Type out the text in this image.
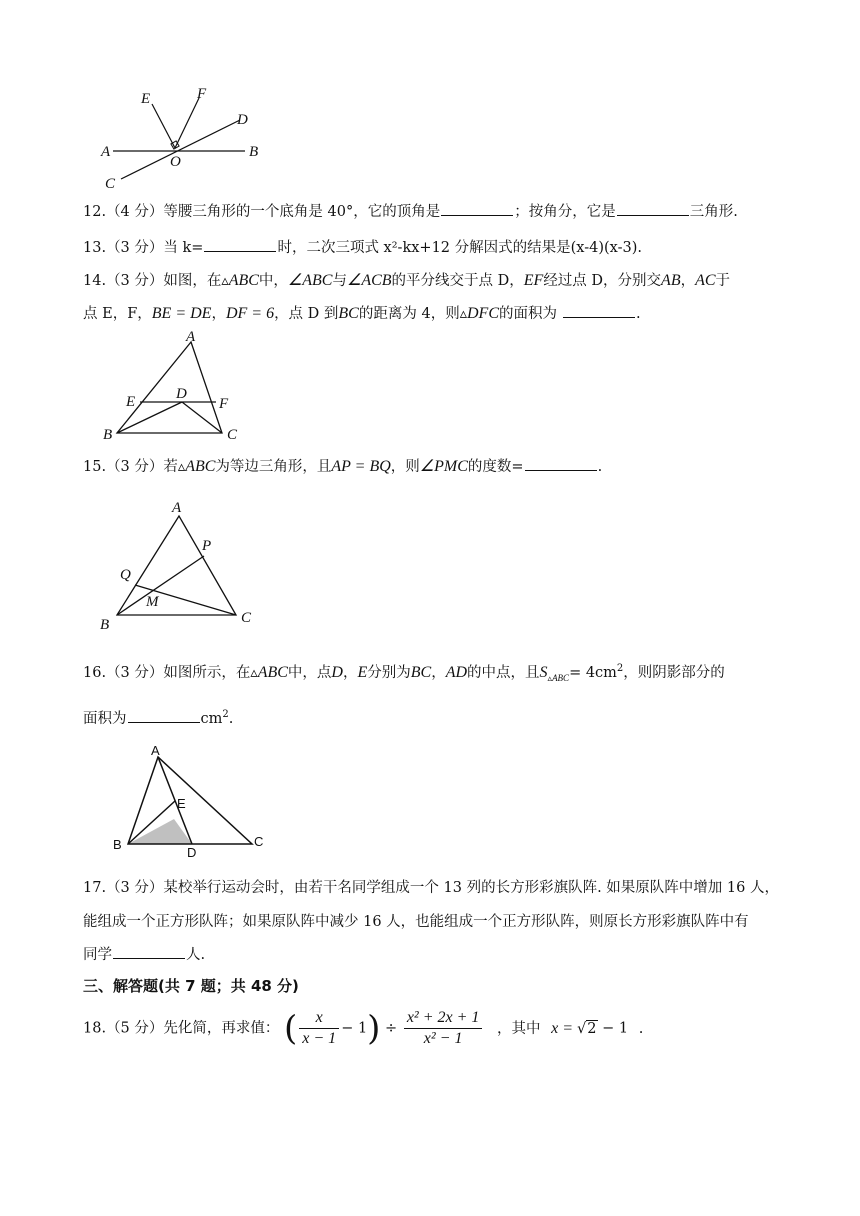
E	F
D
A	B
O
C
12.（4 分）等腰三角形的一个底角是 40°，它的顶角是	；按角分，它是	三角形.
13.（3 分）当 k=	时，二次三项式 x²-kx+12 分解因式的结果是(x-4)(x-3).
14.（3 分）如图，在▵ABC中，∠ABC与∠ACB的平分线交于点 D，EF经过点 D，分别交AB，AC于
点 E，F，BE = DE，DF = 6，点 D 到BC的距离为 4，则▵DFC的面积为	.
A
E	D
F
B	C
15.（3 分）若▵ABC为等边三角形，且AP = BQ，则∠PMC的度数=	.
A
P
Q
M
B	C
16.（3 分）如图所示，在▵ABC中，点D，E分别为BC，AD的中点，且$S_{▵ABC}= 4cm^2$，则阴影部分的
面积为	$cm^2$.
A
E
B
D
C
17.（3 分）某校举行运动会时，由若干名同学组成一个 13 列的长方形彩旗队阵. 如果原队阵中增加 16 人，
能组成一个正方形队阵；如果原队阵中减少 16 人，也能组成一个正方形队阵，则原长方形彩旗队阵中有
同学	人.
三、解答题(共 7 题；共 48 分)
18.（5 分）先化简，再求值： ( $\frac{x}{x - 1} - 1) \div \frac{\text{x² + 2x + 1}}{\text{x² − 1}}$ ，其中 x = √2 − 1 .
